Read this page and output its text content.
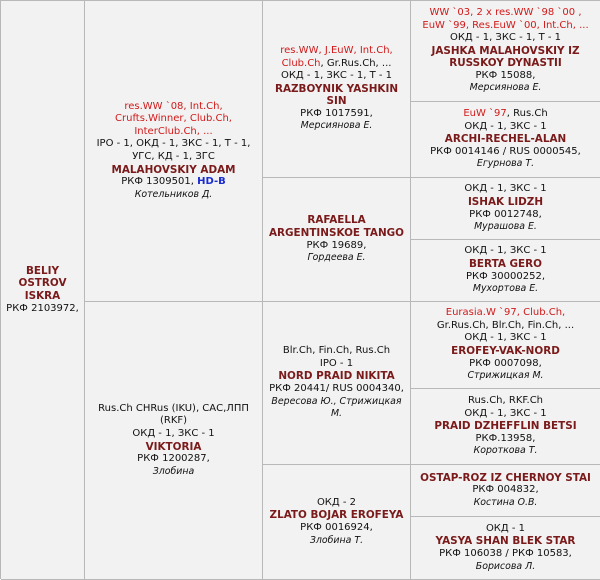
BELIY
OSTROV
ISKRA
РКФ 2103972,
res.WW `08, Int.Ch,
Crufts.Winner, Club.Ch,
InterClub.Ch, ...
IPO - 1, ОКД - 1, ЗКС - 1, Т - 1,
УГС, КД - 1, ЗГС
MALAHOVSKIY ADAM
РКФ 1309501, HD-B
Котельников Д.
Rus.Ch CHRus (IKU), САС,ЛПП
(RKF)
ОКД - 1, ЗКС - 1
VIKTORIA
РКФ 1200287,
Злобина
res.WW, J.EuW, Int.Ch,
Club.Ch, Gr.Rus.Ch, ...
ОКД - 1, ЗКС - 1, Т - 1
RAZBOYNIK YASHKIN SIN
РКФ 1017591,
Мерсиянова Е.
RAFAELLA
ARGENTINSKOE TANGO
РКФ 19689,
Гордеева Е.
Blr.Ch, Fin.Ch, Rus.Ch
IPO - 1
NORD PRAID NIKITA
РКФ 20441/ RUS 0004340,
Вересова Ю., Стрижицкая М.
ОКД - 2
ZLATO BOJAR EROFEYA
РКФ 0016924,
Злобина Т.
WW `03, 2 x res.WW `98 `00 ,
EuW `99, Res.EuW `00, Int.Ch, ...
ОКД - 1, ЗКС - 1, Т - 1
JASHKA MALAHOVSKIY IZ
RUSSKOY DYNASTII
РКФ 15088,
Мерсиянова Е.
EuW `97, Rus.Ch
ОКД - 1, ЗКС - 1
ARCHI-RECHEL-ALAN
РКФ 0014146 / RUS 0000545,
Егурнова Т.
ОКД - 1, ЗКС - 1
ISHAK LIDZH
РКФ 0012748,
Мурашова Е.
ОКД - 1, ЗКС - 1
BERTA GERO
РКФ 30000252,
Мухортова Е.
Eurasia.W `97, Club.Ch,
Gr.Rus.Ch, Blr.Ch, Fin.Ch, ...
ОКД - 1, ЗКС - 1
EROFEY-VAK-NORD
РКФ 0007098,
Стрижицкая М.
Rus.Ch, RKF.Ch
ОКД - 1, ЗКС - 1
PRAID DZHEFFLIN BETSI
РКФ.13958,
Короткова Т.
OSTAP-ROZ IZ CHERNOY STAI
РКФ 004832,
Костина О.В.
ОКД - 1
YASYA SHAN BLEK STAR
РКФ 106038 / РКФ 10583,
Борисова Л.
